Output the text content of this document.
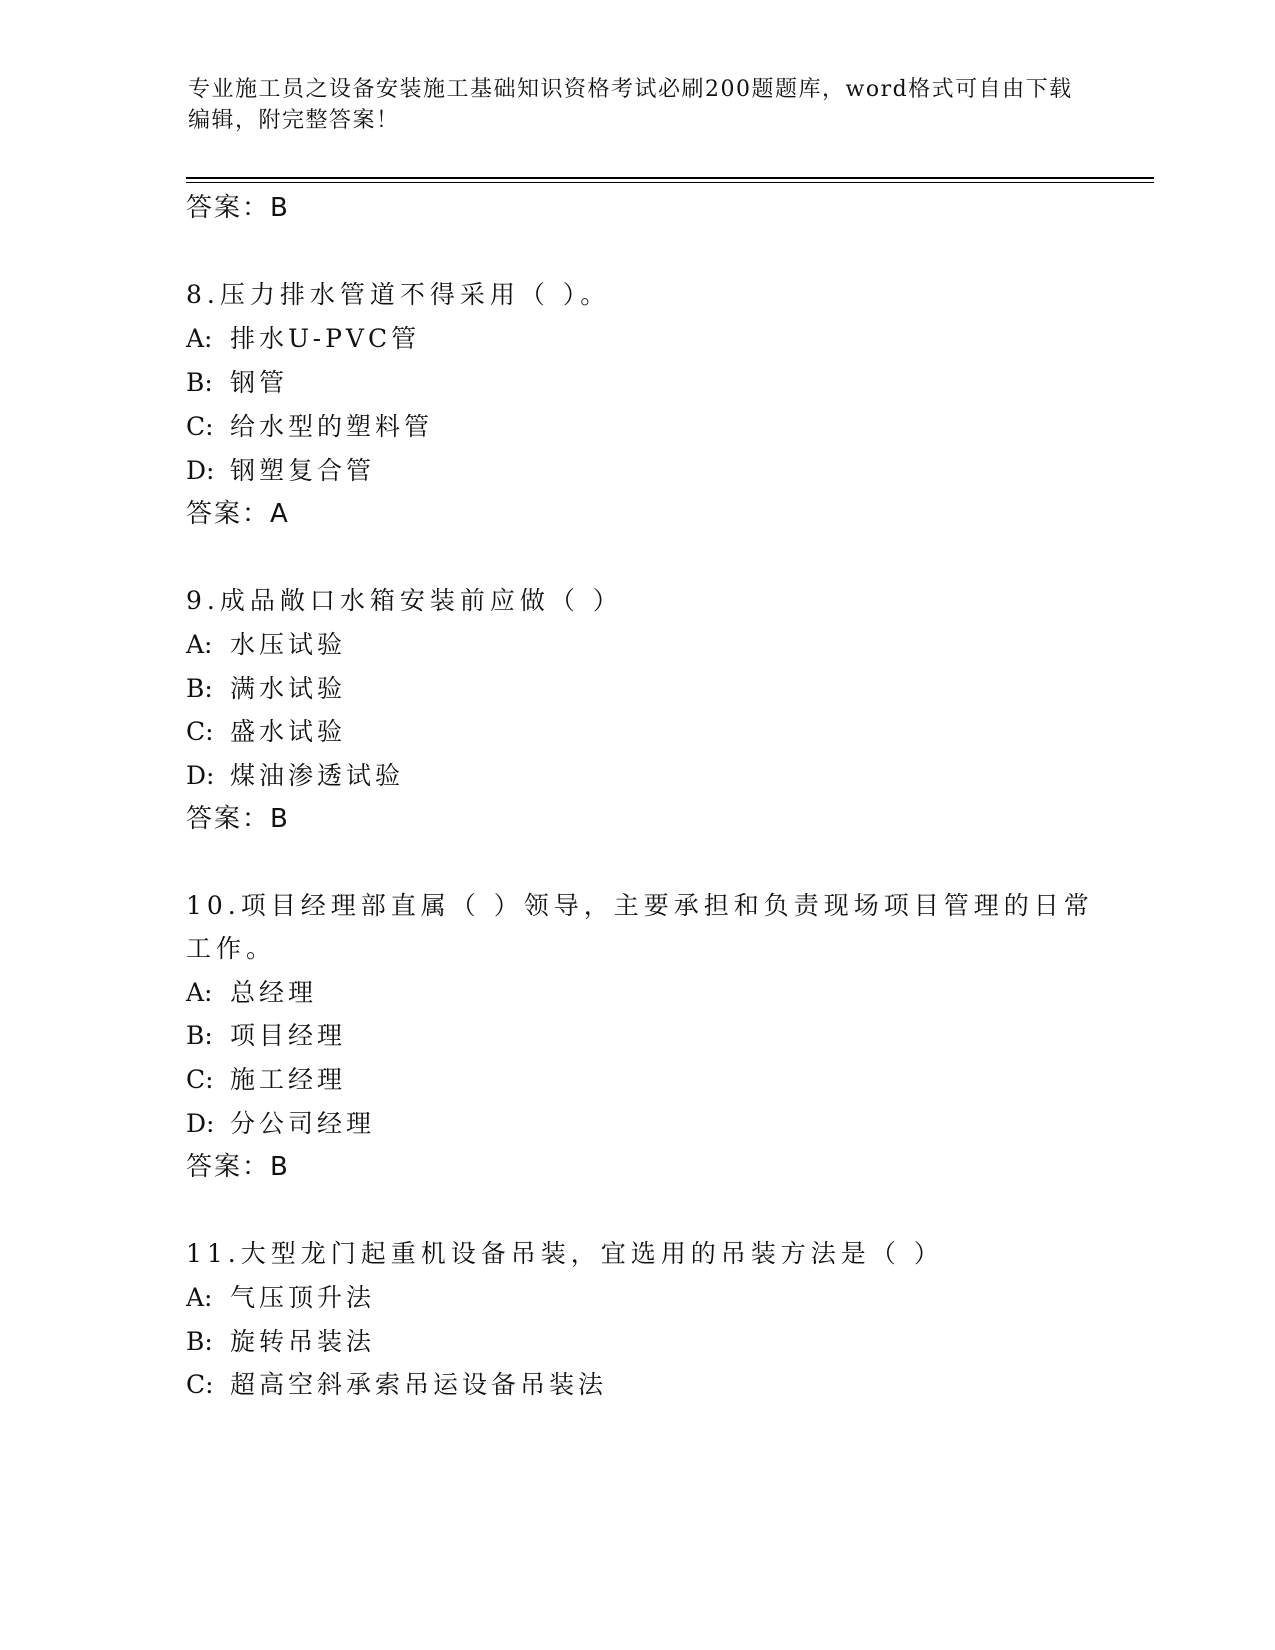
专业施工员之设备安装施工基础知识资格考试必刷200题题库，word格式可自由下载编辑，附完整答案！
答案：B
8.压力排水管道不得采用（ ）。
A: 排水U-PVC管
B: 钢管
C: 给水型的塑料管
D: 钢塑复合管
答案：A
9.成品敞口水箱安装前应做（ ）
A: 水压试验
B: 满水试验
C: 盛水试验
D: 煤油渗透试验
答案：B
10.项目经理部直属（ ）领导，主要承担和负责现场项目管理的日常
工作。
A: 总经理
B: 项目经理
C: 施工经理
D: 分公司经理
答案：B
11.大型龙门起重机设备吊装，宜选用的吊装方法是（ ）
A: 气压顶升法
B: 旋转吊装法
C: 超高空斜承索吊运设备吊装法
